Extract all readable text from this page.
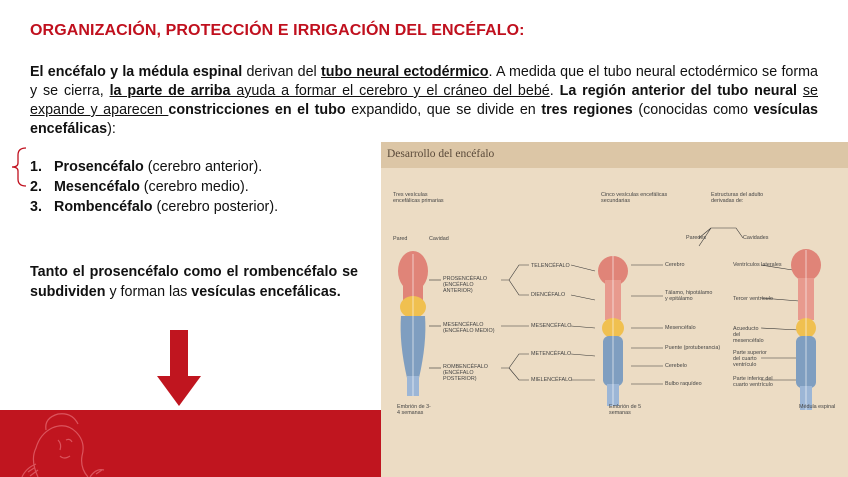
ORGANIZACIÓN, PROTECCIÓN E IRRIGACIÓN DEL ENCÉFALO:
El encéfalo y la médula espinal derivan del tubo neural ectodérmico. A medida que el tubo neural ectodérmico se forma y se cierra, la parte de arriba ayuda a formar el cerebro y el cráneo del bebé. La región anterior del tubo neural se expande y aparecen constricciones en el tubo expandido, que se divide en tres regiones (conocidas como vesículas encefálicas):
1. Prosencéfalo (cerebro anterior).
2. Mesencéfalo (cerebro medio).
3. Rombencéfalo (cerebro posterior).
Tanto el prosencéfalo como el rombencéfalo se subdividen y forman las vesículas encefálicas.
Desarrollo del encéfalo
Tres vesículas encefálicas primarias
Cinco vesículas encefálicas secundarias
Estructuras del adulto derivadas de:
Paredes	Cavidades
Pared	Cavidad
PROSENCÉFALO (ENCÉFALO ANTERIOR)
MESENCÉFALO (ENCÉFALO MEDIO)
ROMBENCÉFALO (ENCÉFALO POSTERIOR)
TELENCÉFALO
DIENCÉFALO
MESENCÉFALO
METENCÉFALO
MIELENCÉFALO
Cerebro
Tálamo, hipotálamo y epitálamo
Mesencéfalo
Puente (protuberancia)
Cerebelo
Bulbo raquídeo
Ventrículos laterales
Tercer ventrículo
Acueducto del mesencéfalo
Parte superior del cuarto ventrículo
Parte inferior del cuarto ventrículo
Embrión de 3-4 semanas
Embrión de 5 semanas
Médula espinal
